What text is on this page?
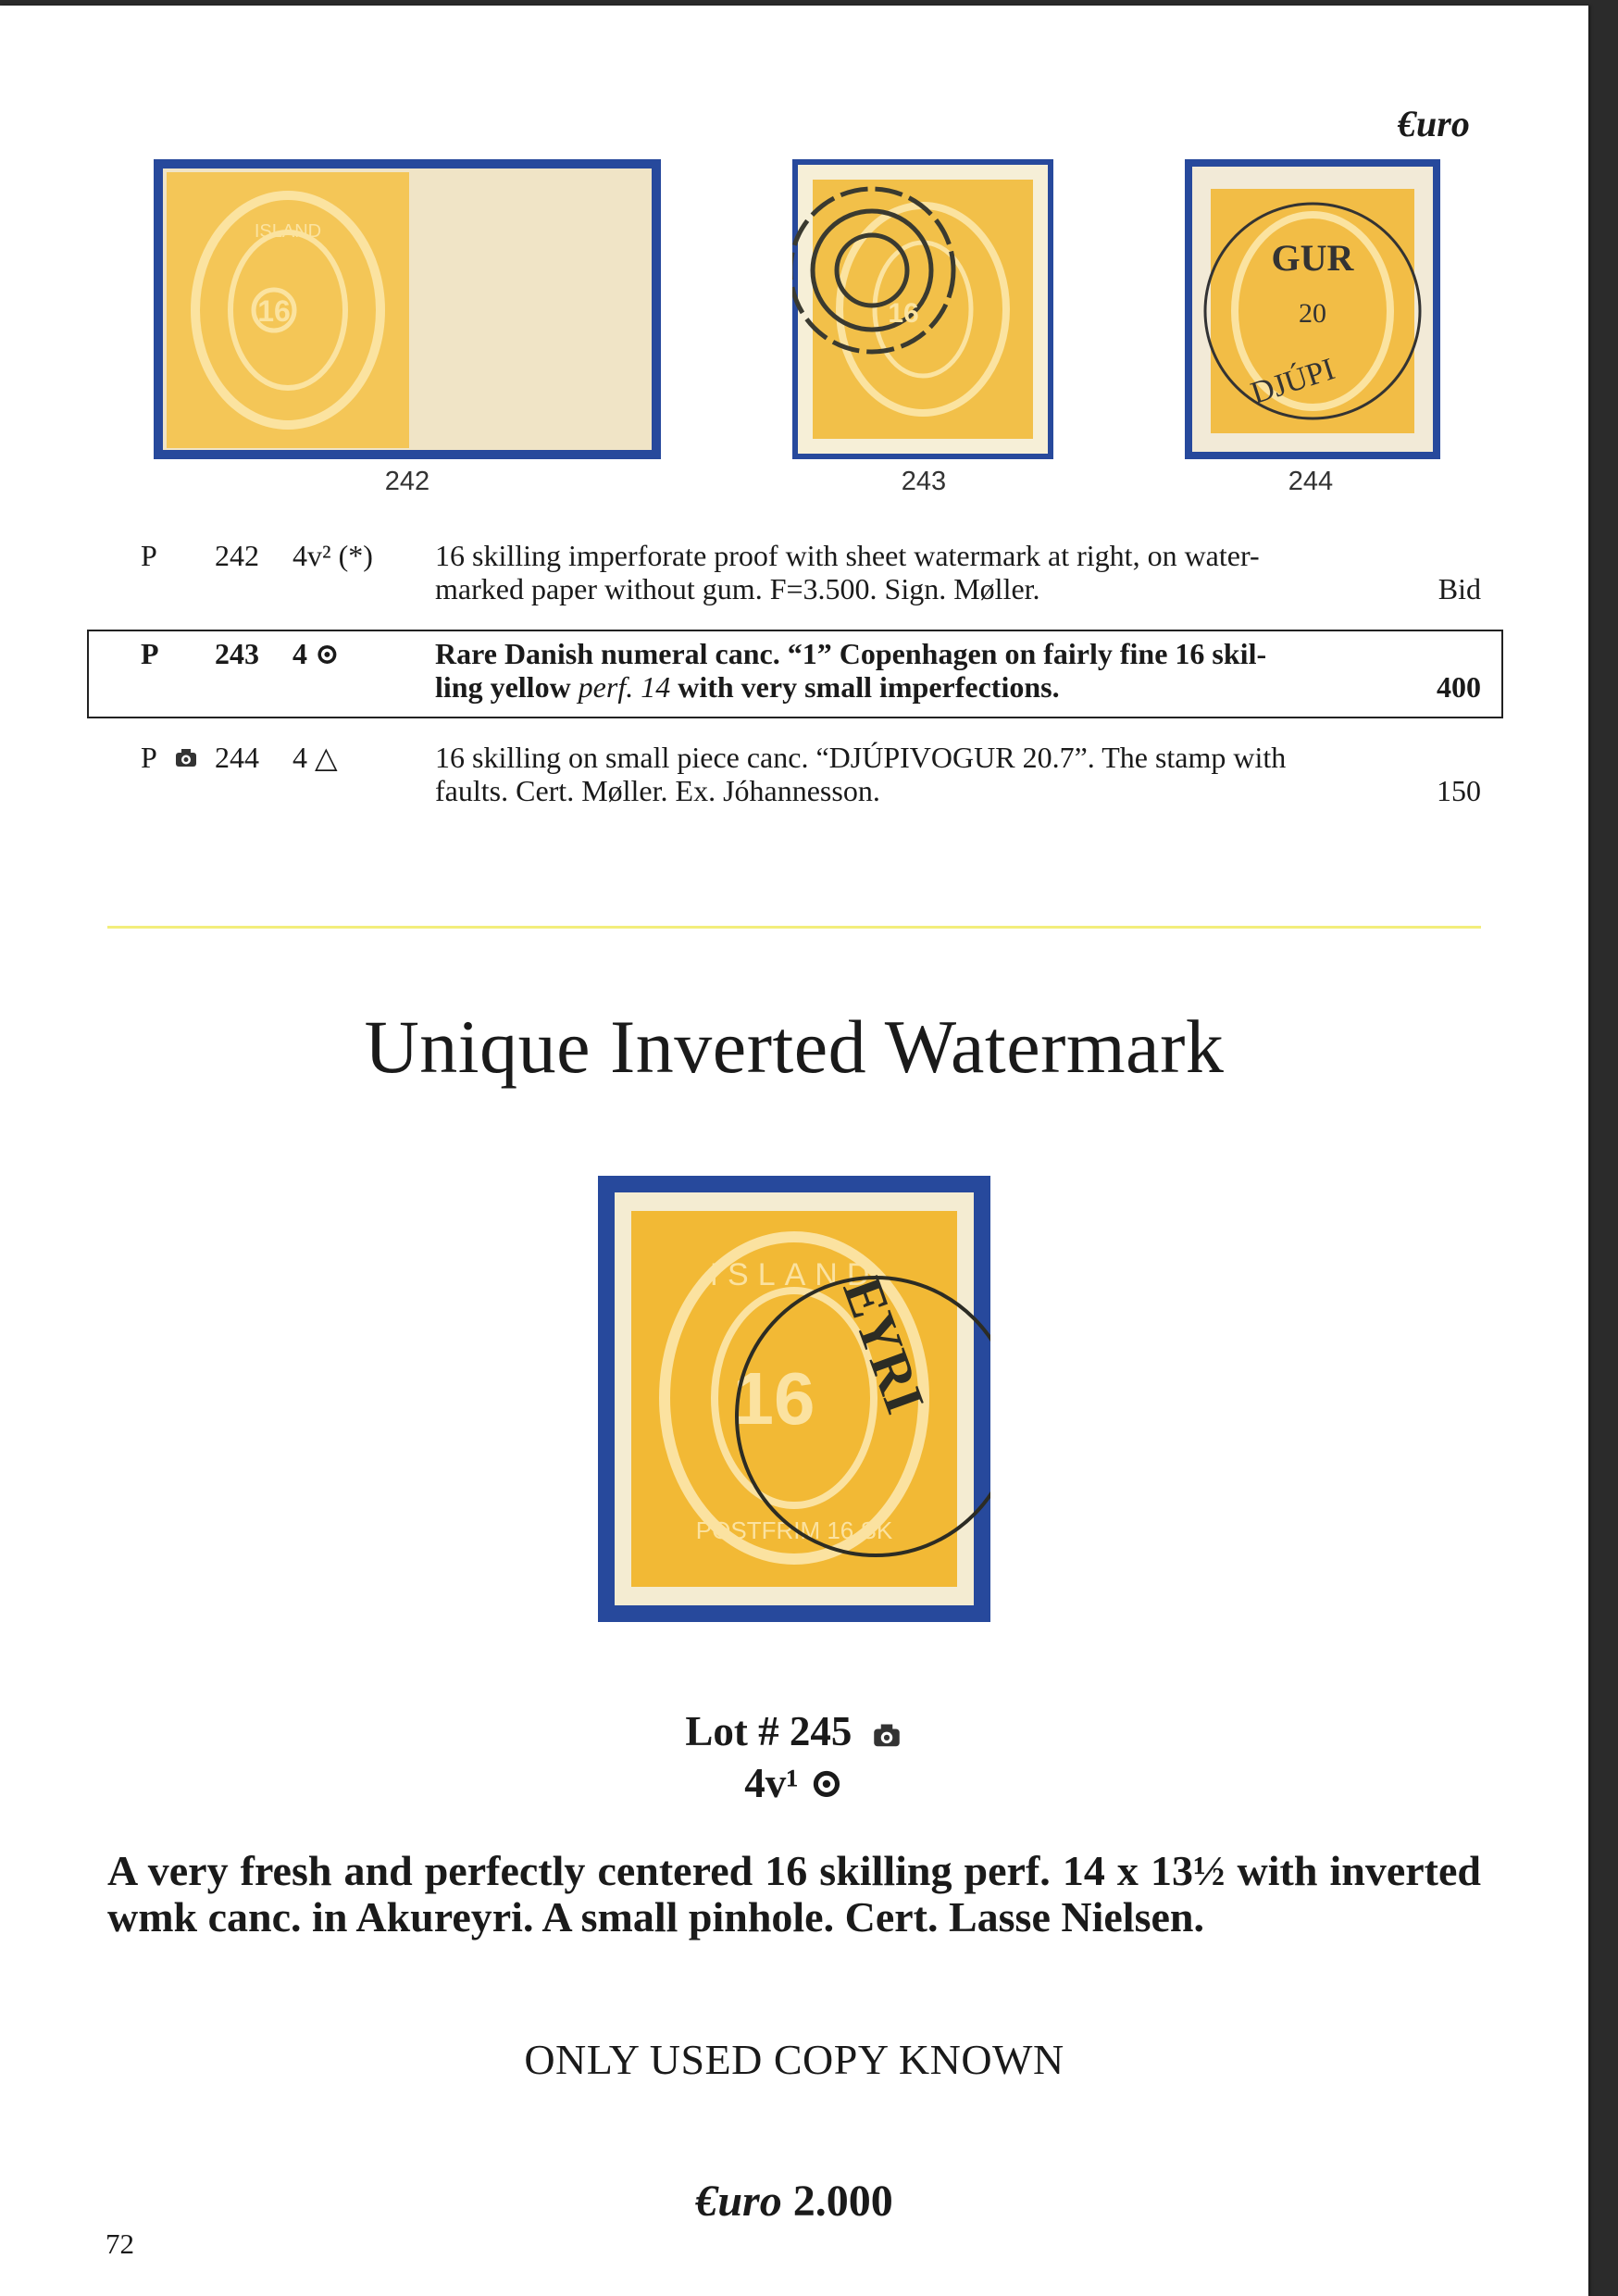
€uro
16
ISLAND
16
GUR
20
DJÚPI
242	243	244
P 242 4v² (*) 16 skilling imperforate proof with sheet watermark at right, on water-
marked paper without gum. F=3.500. Sign. Møller.	Bid
P 243 4 ⊙	Rare Danish numeral canc. “1” Copenhagen on fairly fine 16 skil-
ling yellow perf. 14 with very small imperfections.	400
P 244 4 △	16 skilling on small piece canc. “DJÚPIVOGUR 20.7”. The stamp with
faults. Cert. Møller. Ex. Jóhannesson.	150
Unique Inverted Watermark
ISLAND
16
POSTFRIM 16 SK
EYRI
Lot # 245
4v¹ ⊙
A very fresh and perfectly centered 16 skilling perf. 14 x 13½ with inverted wmk canc. in Akureyri. A small pinhole. Cert. Lasse Nielsen.
ONLY USED COPY KNOWN
€uro 2.000
72
